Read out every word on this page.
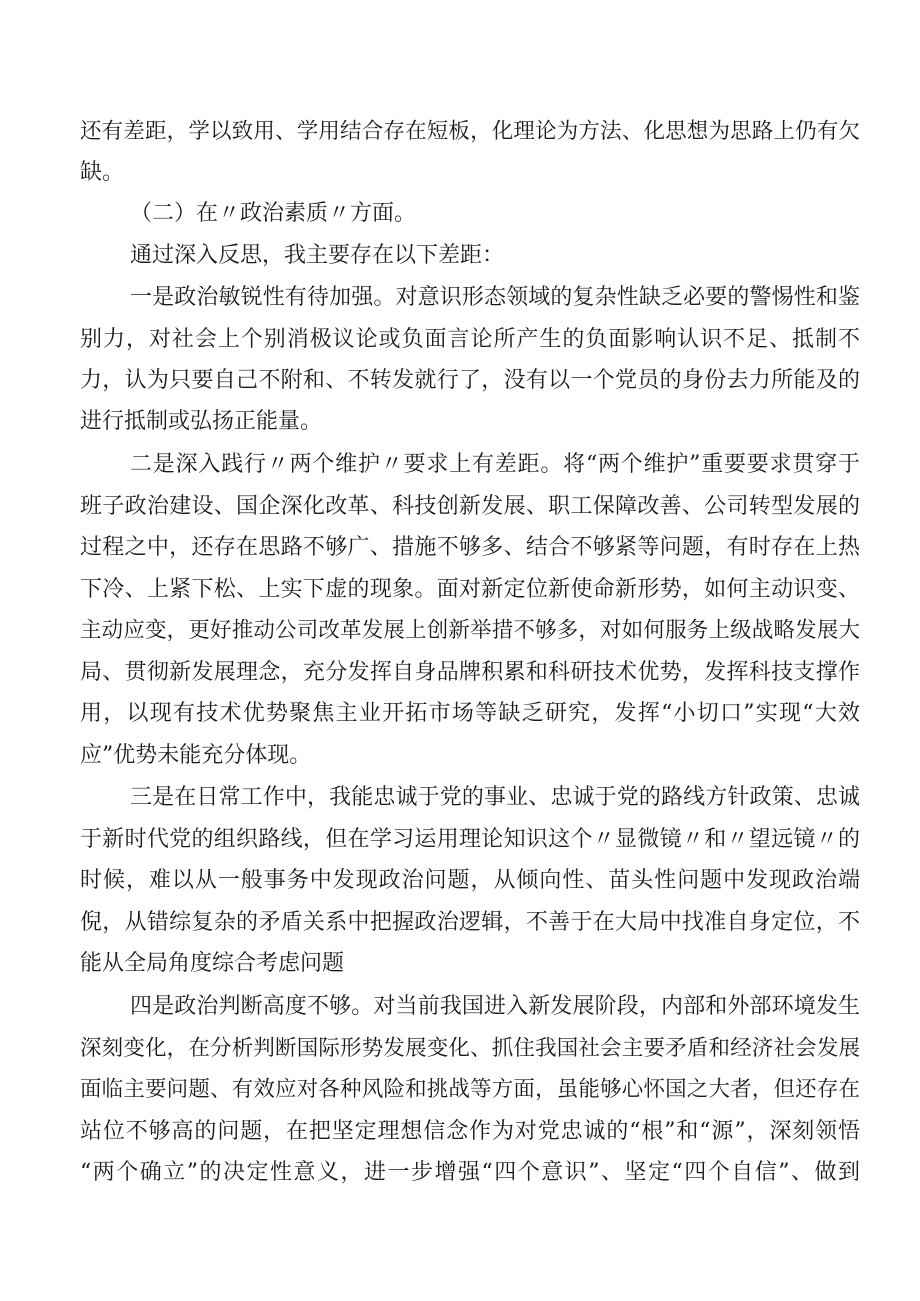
还有差距，学以致用、学用结合存在短板，化理论为方法、化思想为思路上仍有欠
缺。
（二）在〃政治素质〃方面。
通过深入反思，我主要存在以下差距：
一是政治敏锐性有待加强。对意识形态领域的复杂性缺乏必要的警惕性和鉴
别力，对社会上个别消极议论或负面言论所产生的负面影响认识不足、抵制不
力，认为只要自己不附和、不转发就行了，没有以一个党员的身份去力所能及的
进行抵制或弘扬正能量。
二是深入践行〃两个维护〃要求上有差距。将“两个维护”重要要求贯穿于
班子政治建设、国企深化改革、科技创新发展、职工保障改善、公司转型发展的
过程之中，还存在思路不够广、措施不够多、结合不够紧等问题，有时存在上热
下冷、上紧下松、上实下虚的现象。面对新定位新使命新形势，如何主动识变、
主动应变，更好推动公司改革发展上创新举措不够多，对如何服务上级战略发展大
局、贯彻新发展理念，充分发挥自身品牌积累和科研技术优势，发挥科技支撑作
用，以现有技术优势聚焦主业开拓市场等缺乏研究，发挥“小切口”实现“大效
应”优势未能充分体现。
三是在日常工作中，我能忠诚于党的事业、忠诚于党的路线方针政策、忠诚
于新时代党的组织路线，但在学习运用理论知识这个〃显微镜〃和〃望远镜〃的
时候，难以从一般事务中发现政治问题，从倾向性、苗头性问题中发现政治端
倪，从错综复杂的矛盾关系中把握政治逻辑，不善于在大局中找准自身定位，不
能从全局角度综合考虑问题
四是政治判断高度不够。对当前我国进入新发展阶段，内部和外部环境发生
深刻变化，在分析判断国际形势发展变化、抓住我国社会主要矛盾和经济社会发展
面临主要问题、有效应对各种风险和挑战等方面，虽能够心怀国之大者，但还存在
站位不够高的问题，在把坚定理想信念作为对党忠诚的“根”和“源”，深刻领悟
“两个确立”的决定性意义，进一步增强“四个意识”、坚定“四个自信”、做到
